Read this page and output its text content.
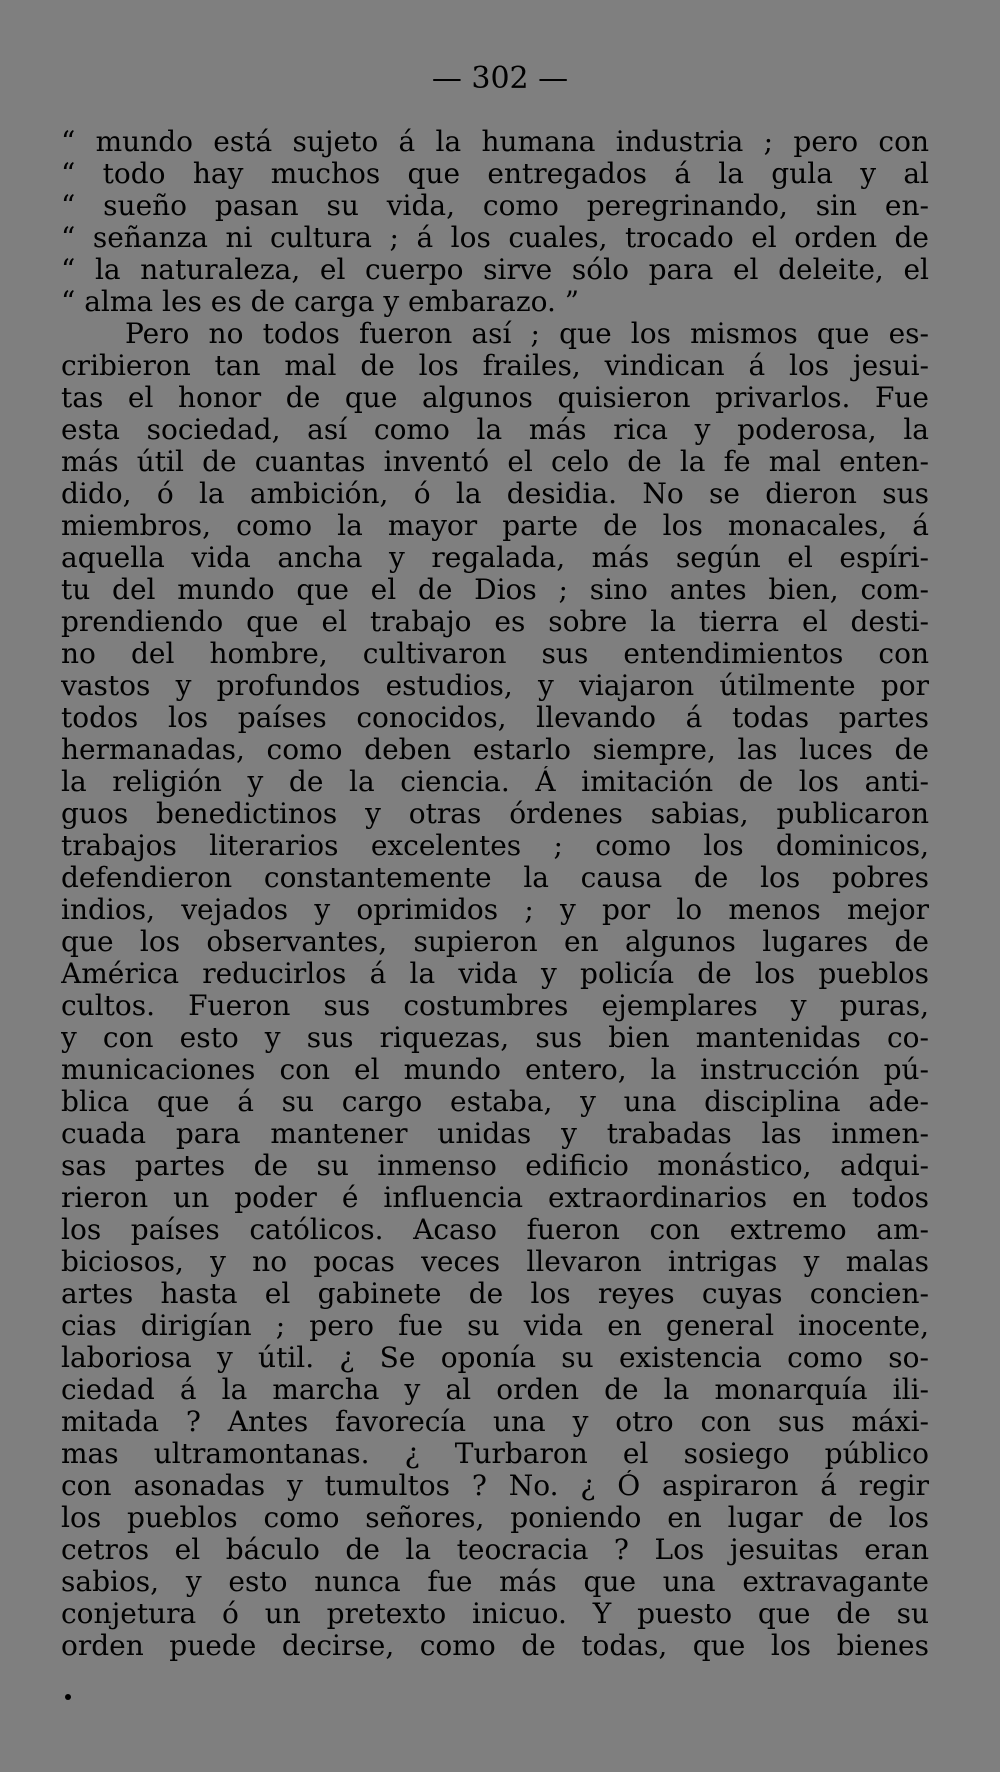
— 302 —
“ mundo está sujeto á la humana industria ; pero con
“ todo hay muchos que entregados á la gula y al
“ sueño pasan su vida, como peregrinando, sin en-
“ señanza ni cultura ; á los cuales, trocado el orden de
“ la naturaleza, el cuerpo sirve sólo para el deleite, el
“ alma les es de carga y embarazo. ”
Pero no todos fueron así ; que los mismos que es-
cribieron tan mal de los frailes, vindican á los jesui-
tas el honor de que algunos quisieron privarlos. Fue
esta sociedad, así como la más rica y poderosa, la
más útil de cuantas inventó el celo de la fe mal enten-
dido, ó la ambición, ó la desidia. No se dieron sus
miembros, como la mayor parte de los monacales, á
aquella vida ancha y regalada, más según el espíri-
tu del mundo que el de Dios ; sino antes bien, com-
prendiendo que el trabajo es sobre la tierra el desti-
no del hombre, cultivaron sus entendimientos con
vastos y profundos estudios, y viajaron útilmente por
todos los países conocidos, llevando á todas partes
hermanadas, como deben estarlo siempre, las luces de
la religión y de la ciencia. Á imitación de los anti-
guos benedictinos y otras órdenes sabias, publicaron
trabajos literarios excelentes ; como los dominicos,
defendieron constantemente la causa de los pobres
indios, vejados y oprimidos ; y por lo menos mejor
que los observantes, supieron en algunos lugares de
América reducirlos á la vida y policía de los pueblos
cultos. Fueron sus costumbres ejemplares y puras,
y con esto y sus riquezas, sus bien mantenidas co-
municaciones con el mundo entero, la instrucción pú-
blica que á su cargo estaba, y una disciplina ade-
cuada para mantener unidas y trabadas las inmen-
sas partes de su inmenso edificio monástico, adqui-
rieron un poder é influencia extraordinarios en todos
los países católicos. Acaso fueron con extremo am-
biciosos, y no pocas veces llevaron intrigas y malas
artes hasta el gabinete de los reyes cuyas concien-
cias dirigían ; pero fue su vida en general inocente,
laboriosa y útil. ¿ Se oponía su existencia como so-
ciedad á la marcha y al orden de la monarquía ili-
mitada ? Antes favorecía una y otro con sus máxi-
mas ultramontanas. ¿ Turbaron el sosiego público
con asonadas y tumultos ? No. ¿ Ó aspiraron á regir
los pueblos como señores, poniendo en lugar de los
cetros el báculo de la teocracia ? Los jesuitas eran
sabios, y esto nunca fue más que una extravagante
conjetura ó un pretexto inicuo. Y puesto que de su
orden puede decirse, como de todas, que los bienes
